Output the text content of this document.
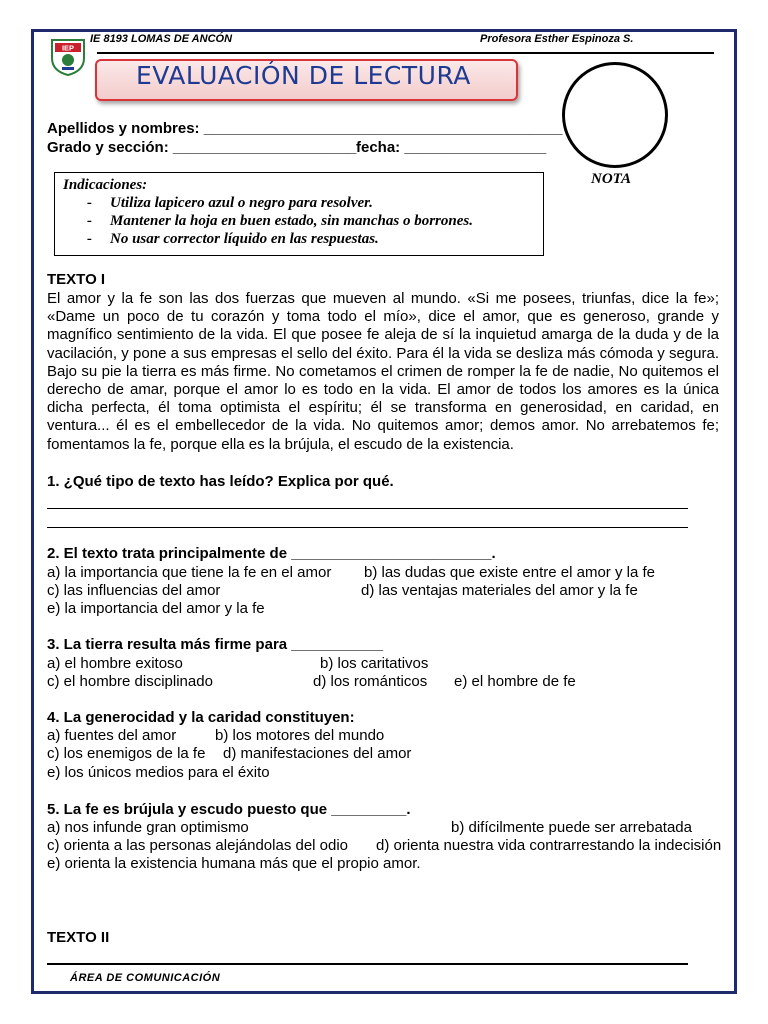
IEP
IE 8193 LOMAS DE ANCÓN	Profesora Esther Espinoza S.
EVALUACIÓN DE LECTURA
NOTA
Apellidos y nombres: ___________________________________________
Grado y sección: ______________________ fecha: _________________
Indicaciones:
- Utiliza lapicero azul o negro para resolver.
- Mantener la hoja en buen estado, sin manchas o borrones.
- No usar corrector líquido en las respuestas.
TEXTO I
El amor y la fe son las dos fuerzas que mueven al mundo. «Si me posees, triunfas, dice la fe»; «Dame un poco de tu corazón y toma todo el mío», dice el amor, que es generoso, grande y magnífico sentimiento de la vida. El que posee fe aleja de sí la inquietud amarga de la duda y de la vacilación, y pone a sus empresas el sello del éxito. Para él la vida se desliza más cómoda y segura. Bajo su pie la tierra es más firme. No cometamos el crimen de romper la fe de nadie, No quitemos el derecho de amar, porque el amor lo es todo en la vida. El amor de todos los amores es la única dicha perfecta, él toma optimista el espíritu; él se transforma en generosidad, en caridad, en ventura... él es el embellecedor de la vida. No quitemos amor; demos amor. No arrebatemos fe; fomentamos la fe, porque ella es la brújula, el escudo de la existencia.
1. ¿Qué tipo de texto has leído? Explica por qué.
2. El texto trata principalmente de ________________________.
a) la importancia que tiene la fe en el amor b) las dudas que existe entre el amor y la fe
c) las influencias del amor	d) las ventajas materiales del amor y la fe
e) la importancia del amor y la fe
3. La tierra resulta más firme para ___________
a) el hombre exitoso	b) los caritativos
c) el hombre disciplinado	d) los románticos e) el hombre de fe
4. La generocidad y la caridad constituyen:
a) fuentes del amor	b) los motores del mundo
c) los enemigos de la fe d) manifestaciones del amor
e) los únicos medios para el éxito
5. La fe es brújula y escudo puesto que _________.
a) nos infunde gran optimismo	b) difícilmente puede ser arrebatada
c) orienta a las personas alejándolas del odio d) orienta nuestra vida contrarrestando la indecisión
e) orienta la existencia humana más que el propio amor.
TEXTO II
ÁREA DE COMUNICACIÓN
